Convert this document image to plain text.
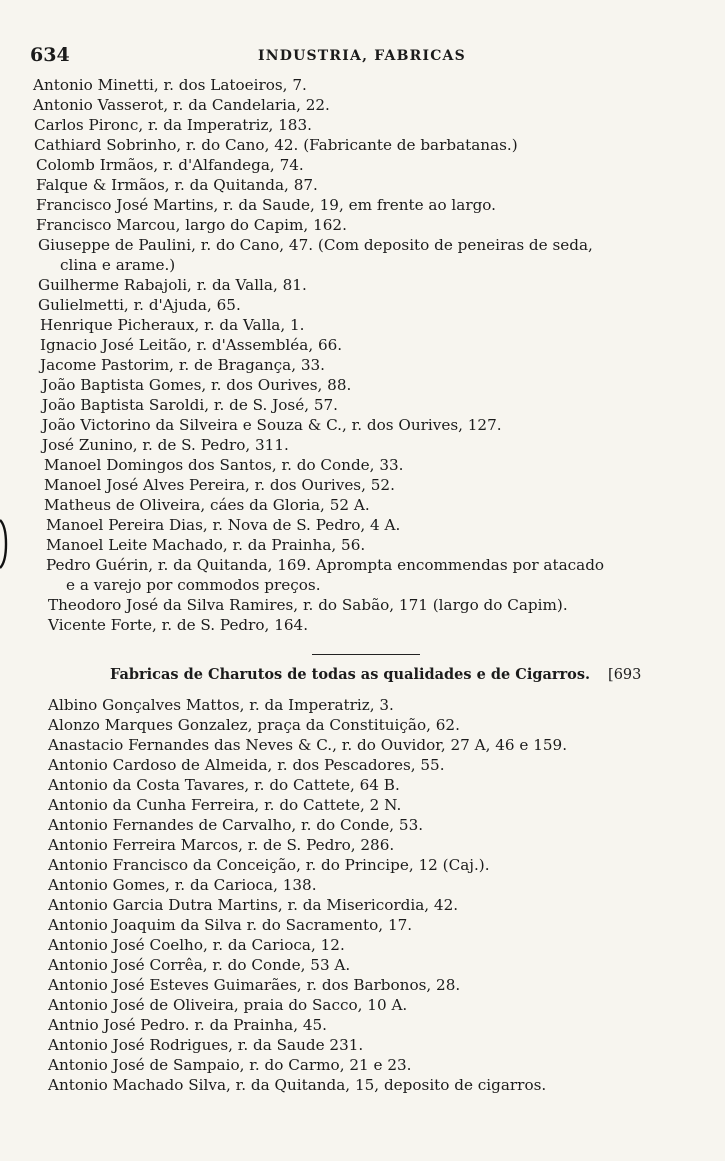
634	INDUSTRIA, FABRICAS
Antonio Minetti, r. dos Latoeiros, 7.
Antonio Vasserot, r. da Candelaria, 22.
Carlos Pironc, r. da Imperatriz, 183.
Cathiard Sobrinho, r. do Cano, 42. (Fabricante de barbatanas.)
Colomb Irmãos, r. d'Alfandega, 74.
Falque & Irmãos, r. da Quitanda, 87.
Francisco José Martins, r. da Saude, 19, em frente ao largo.
Francisco Marcou, largo do Capim, 162.
Giuseppe de Paulini, r. do Cano, 47. (Com deposito de peneiras de seda,
clina e arame.)
Guilherme Rabajoli, r. da Valla, 81.
Gulielmetti, r. d'Ajuda, 65.
Henrique Picheraux, r. da Valla, 1.
Ignacio José Leitão, r. d'Assembléa, 66.
Jacome Pastorim, r. de Bragança, 33.
João Baptista Gomes, r. dos Ourives, 88.
João Baptista Saroldi, r. de S. José, 57.
João Victorino da Silveira e Souza & C., r. dos Ourives, 127.
José Zunino, r. de S. Pedro, 311.
Manoel Domingos dos Santos, r. do Conde, 33.
Manoel José Alves Pereira, r. dos Ourives, 52.
Matheus de Oliveira, cáes da Gloria, 52 A.
Manoel Pereira Dias, r. Nova de S. Pedro, 4 A.
Manoel Leite Machado, r. da Prainha, 56.
Pedro Guérin, r. da Quitanda, 169. Aprompta encommendas por atacado
e a varejo por commodos preços.
Theodoro José da Silva Ramires, r. do Sabão, 171 (largo do Capim).
Vicente Forte, r. de S. Pedro, 164.
Fabricas de Charutos de todas as qualidades e de Cigarros. [693
Albino Gonçalves Mattos, r. da Imperatriz, 3.
Alonzo Marques Gonzalez, praça da Constituição, 62.
Anastacio Fernandes das Neves & C., r. do Ouvidor, 27 A, 46 e 159.
Antonio Cardoso de Almeida, r. dos Pescadores, 55.
Antonio da Costa Tavares, r. do Cattete, 64 B.
Antonio da Cunha Ferreira, r. do Cattete, 2 N.
Antonio Fernandes de Carvalho, r. do Conde, 53.
Antonio Ferreira Marcos, r. de S. Pedro, 286.
Antonio Francisco da Conceição, r. do Principe, 12 (Caj.).
Antonio Gomes, r. da Carioca, 138.
Antonio Garcia Dutra Martins, r. da Misericordia, 42.
Antonio Joaquim da Silva r. do Sacramento, 17.
Antonio José Coelho, r. da Carioca, 12.
Antonio José Corrêa, r. do Conde, 53 A.
Antonio José Esteves Guimarães, r. dos Barbonos, 28.
Antonio José de Oliveira, praia do Sacco, 10 A.
Antnio José Pedro. r. da Prainha, 45.
Antonio José Rodrigues, r. da Saude 231.
Antonio José de Sampaio, r. do Carmo, 21 e 23.
Antonio Machado Silva, r. da Quitanda, 15, deposito de cigarros.
